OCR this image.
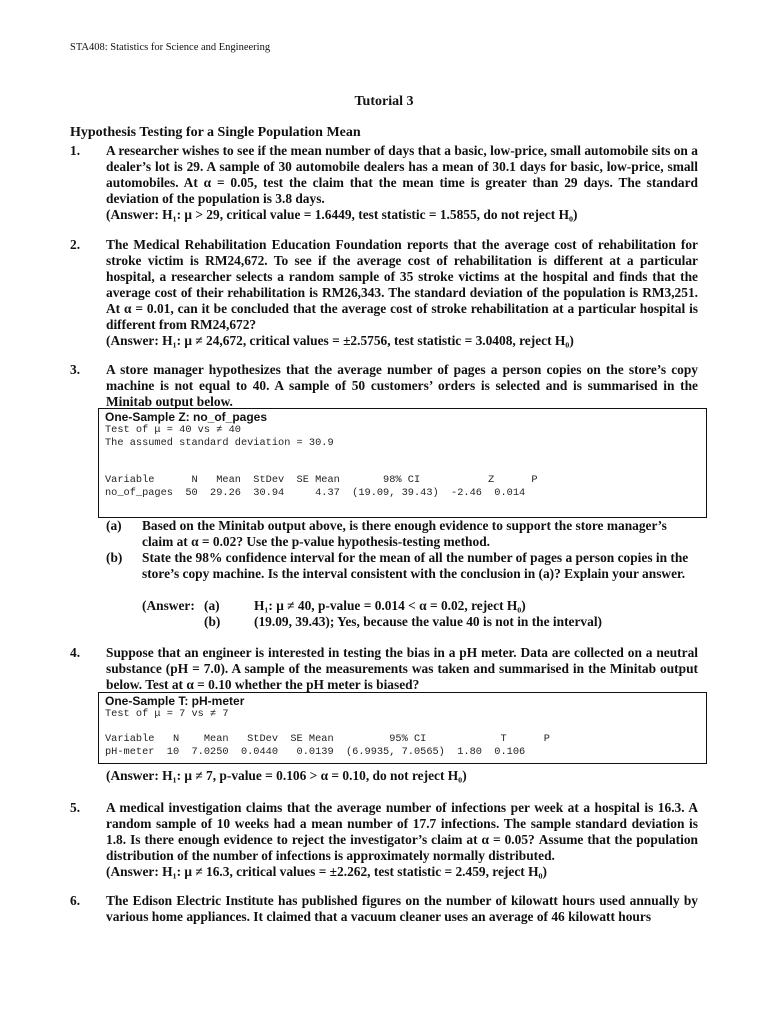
STA408: Statistics for Science and Engineering
Tutorial 3
Hypothesis Testing for a Single Population Mean
1. A researcher wishes to see if the mean number of days that a basic, low-price, small automobile sits on a dealer’s lot is 29. A sample of 30 automobile dealers has a mean of 30.1 days for basic, low-price, small automobiles. At α = 0.05, test the claim that the mean time is greater than 29 days. The standard deviation of the population is 3.8 days.

(Answer: H₁: μ > 29, critical value = 1.6449, test statistic = 1.5855, do not reject H₀)

2. The Medical Rehabilitation Education Foundation reports that the average cost of rehabilitation for stroke victim is RM24,672. To see if the average cost of rehabilitation is different at a particular hospital, a researcher selects a random sample of 35 stroke victims at the hospital and finds that the average cost of their rehabilitation is RM26,343. The standard deviation of the population is RM3,251. At α = 0.01, can it be concluded that the average cost of stroke rehabilitation at a particular hospital is different from RM24,672?

(Answer: H₁: μ ≠ 24,672, critical values = ±2.5756, test statistic = 3.0408, reject H₀)

3. A store manager hypothesizes that the average number of pages a person copies on the store’s copy machine is not equal to 40. A sample of 50 customers’ orders is selected and is summarised in the Minitab output below.

One-Sample Z: no_of_pages
Test of μ = 40 vs ≠ 40
The assumed standard deviation = 30.9

Variable      N   Mean  StDev  SE Mean       98% CI           Z      P
no_of_pages  50  29.26  30.94     4.37  (19.09, 39.43)  -2.46  0.014
(a) Based on the Minitab output above, is there enough evidence to support the store manager’s claim at α = 0.02? Use the p-value hypothesis-testing method.
(b) State the 98% confidence interval for the mean of all the number of pages a person copies in the store’s copy machine. Is the interval consistent with the conclusion in (a)? Explain your answer.
(Answer: (a)	H₁: μ ≠ 40, p-value = 0.014 < α = 0.02, reject H₀)
(b)	(19.09, 39.43); Yes, because the value 40 is not in the interval)
4. Suppose that an engineer is interested in testing the bias in a pH meter. Data are collected on a neutral substance (pH = 7.0). A sample of the measurements was taken and summarised in the Minitab output below. Test at α = 0.10 whether the pH meter is biased?

One-Sample T: pH-meter
Test of μ = 7 vs ≠ 7

Variable   N    Mean   StDev  SE Mean         95% CI            T      P
pH-meter  10  7.0250  0.0440   0.0139  (6.9935, 7.0565)  1.80  0.106
(Answer: H₁: μ ≠ 7, p-value = 0.106 > α = 0.10, do not reject H₀)
5. A medical investigation claims that the average number of infections per week at a hospital is 16.3. A random sample of 10 weeks had a mean number of 17.7 infections. The sample standard deviation is 1.8. Is there enough evidence to reject the investigator’s claim at α = 0.05? Assume that the population distribution of the number of infections is approximately normally distributed.

(Answer: H₁: μ ≠ 16.3, critical values = ±2.262, test statistic = 2.459, reject H₀)

6. The Edison Electric Institute has published figures on the number of kilowatt hours used annually by various home appliances. It claimed that a vacuum cleaner uses an average of 46 kilowatt hours
